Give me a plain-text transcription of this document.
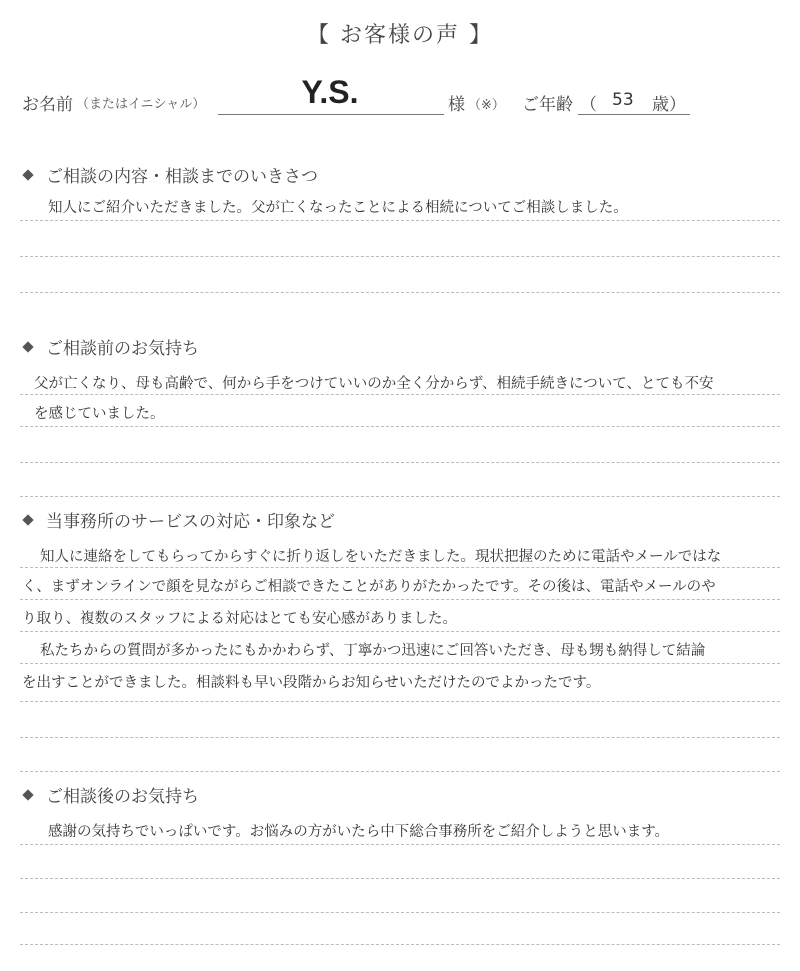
【 お客様の声 】
お名前 （またはイニシャル）	Y.S.	様 （※） ご年齢 （ 53 歳）
ご相談の内容・相談までのいきさつ
知人にご紹介いただきました。父が亡くなったことによる相続についてご相談しました。
ご相談前のお気持ち
父が亡くなり、母も高齢で、何から手をつけていいのか全く分からず、相続手続きについて、とても不安
を感じていました。
当事務所のサービスの対応・印象など
知人に連絡をしてもらってからすぐに折り返しをいただきました。現状把握のために電話やメールではな
く、まずオンラインで顔を見ながらご相談できたことがありがたかったです。その後は、電話やメールのや
り取り、複数のスタッフによる対応はとても安心感がありました。
私たちからの質問が多かったにもかかわらず、丁寧かつ迅速にご回答いただき、母も甥も納得して結論
を出すことができました。相談料も早い段階からお知らせいただけたのでよかったです。
ご相談後のお気持ち
感謝の気持ちでいっぱいです。お悩みの方がいたら中下総合事務所をご紹介しようと思います。
